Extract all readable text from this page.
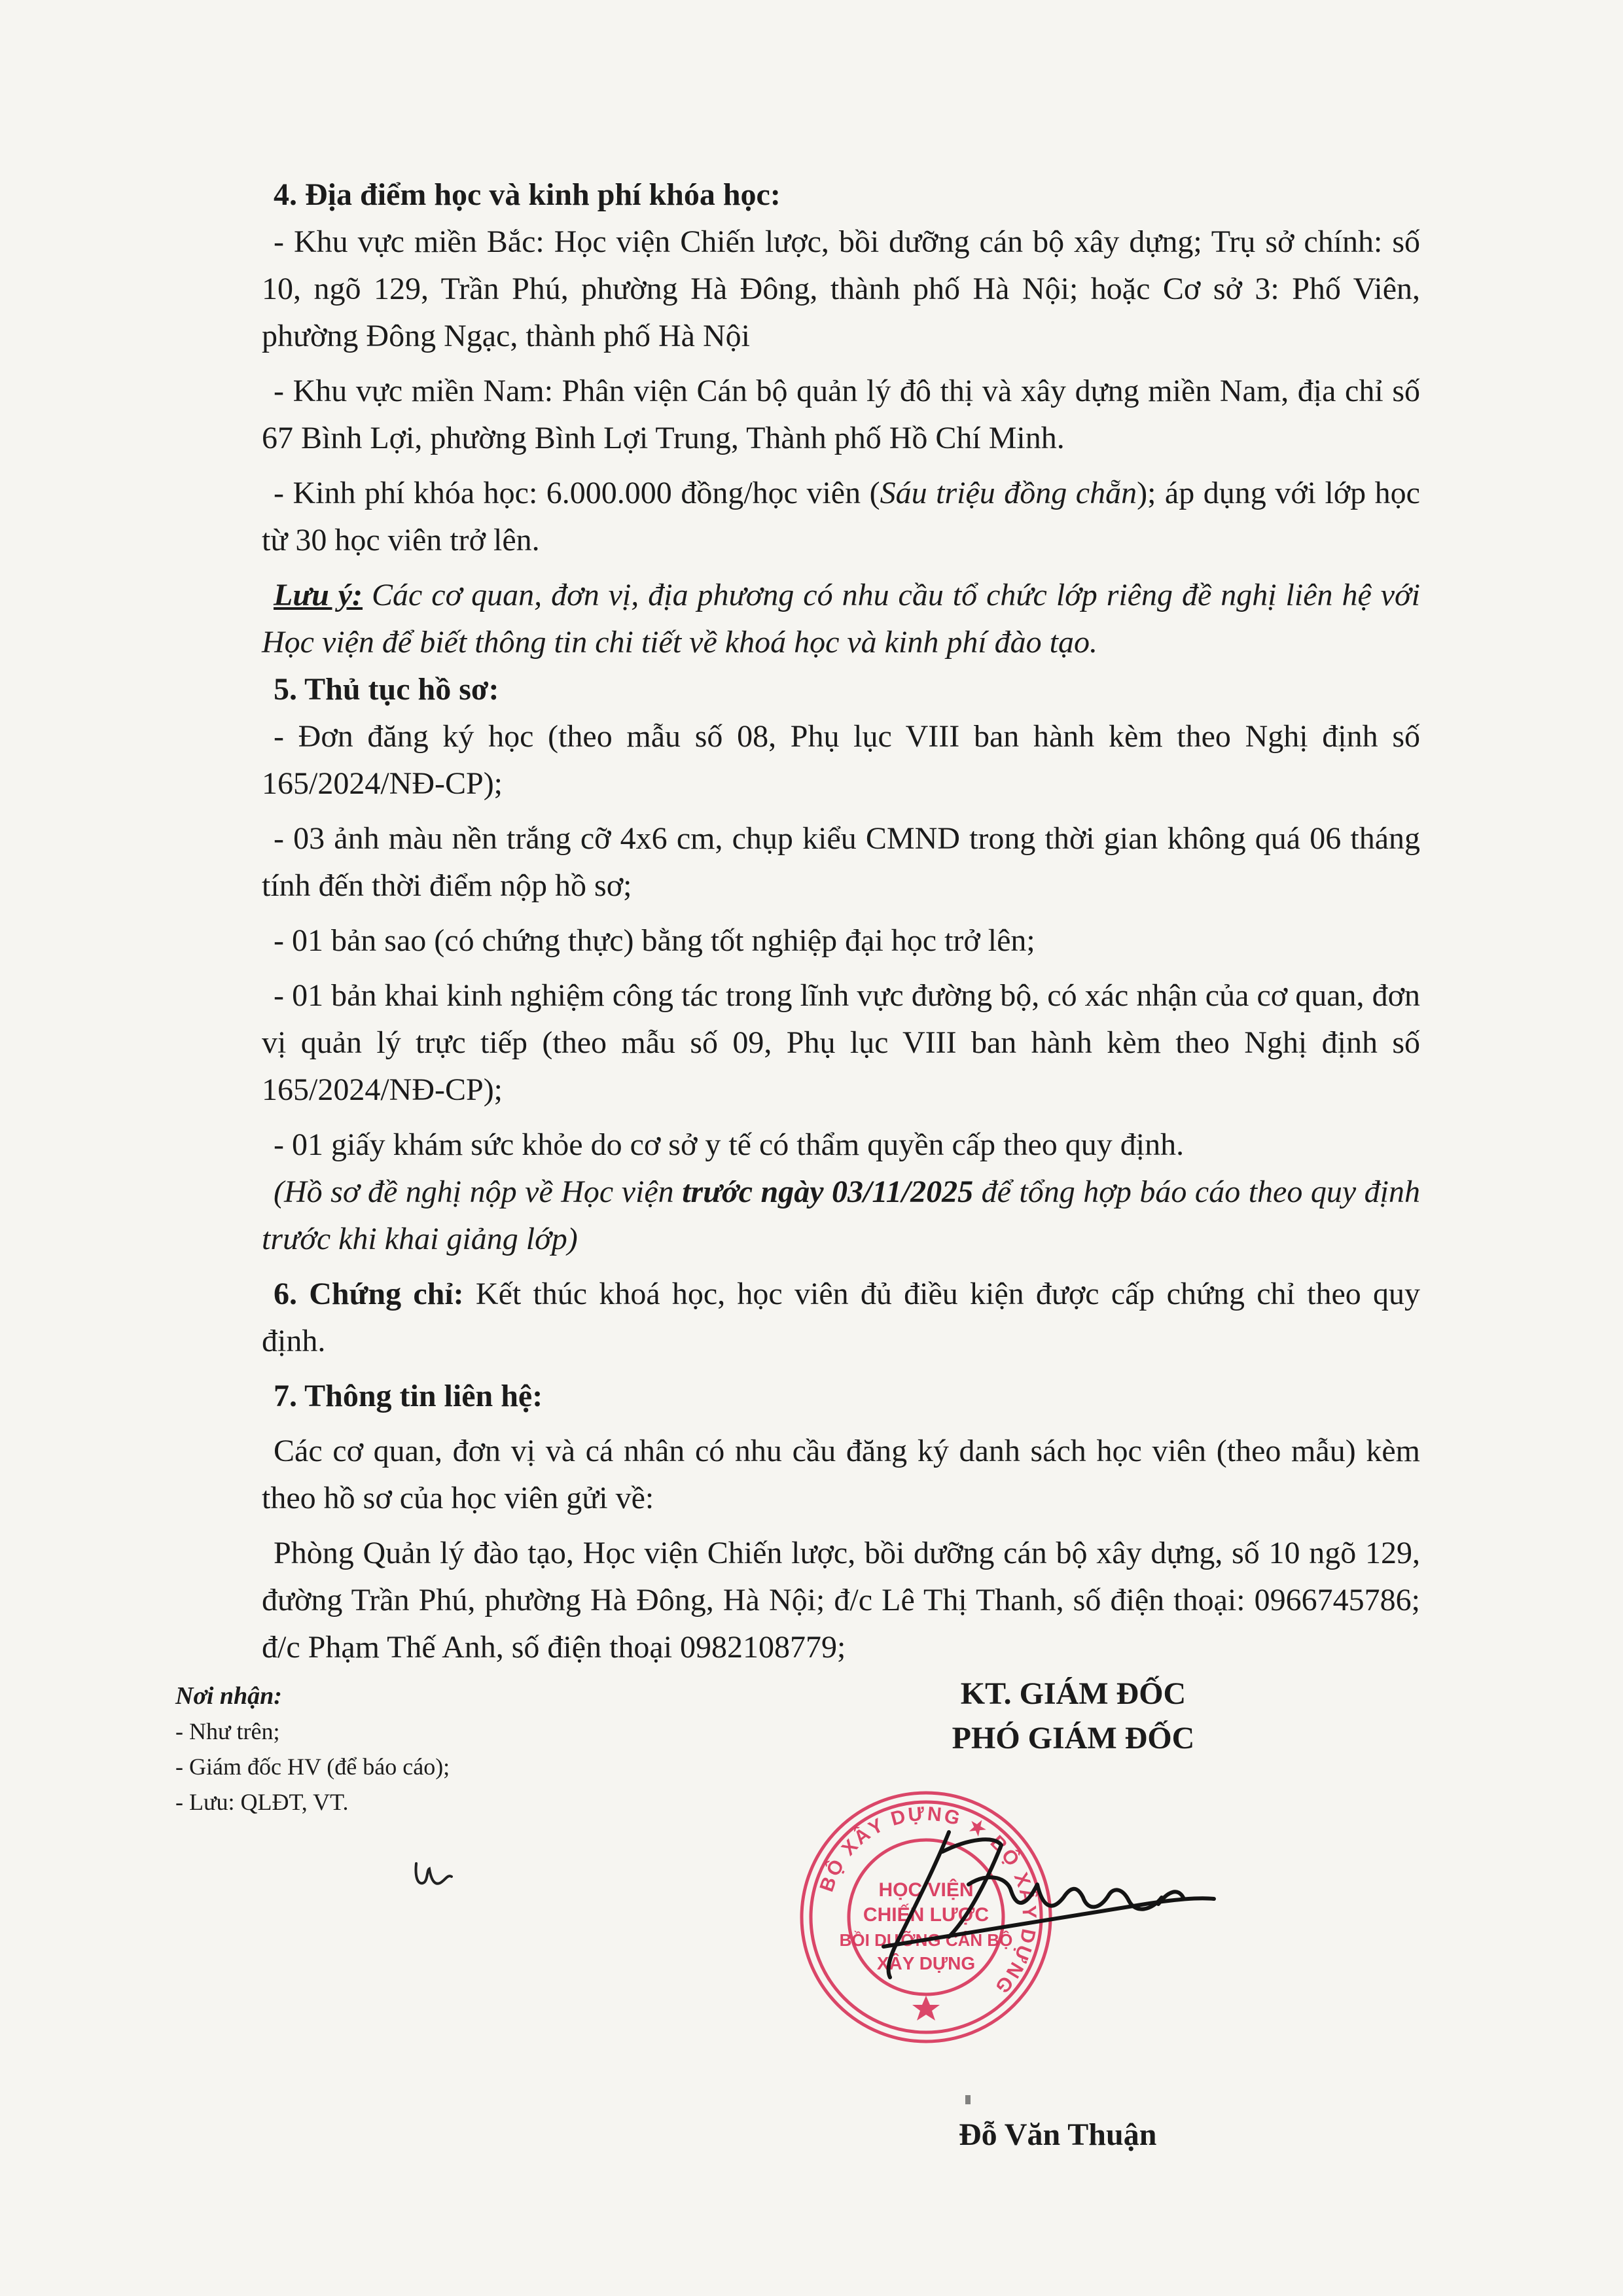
4. Địa điểm học và kinh phí khóa học:

- Khu vực miền Bắc: Học viện Chiến lược, bồi dưỡng cán bộ xây dựng; Trụ sở chính: số 10, ngõ 129, Trần Phú, phường Hà Đông, thành phố Hà Nội; hoặc Cơ sở 3: Phố Viên, phường Đông Ngạc, thành phố Hà Nội

- Khu vực miền Nam: Phân viện Cán bộ quản lý đô thị và xây dựng miền Nam, địa chỉ số 67 Bình Lợi, phường Bình Lợi Trung, Thành phố Hồ Chí Minh.

- Kinh phí khóa học: 6.000.000 đồng/học viên (Sáu triệu đồng chẵn); áp dụng với lớp học từ 30 học viên trở lên.

Lưu ý: Các cơ quan, đơn vị, địa phương có nhu cầu tổ chức lớp riêng đề nghị liên hệ với Học viện để biết thông tin chi tiết về khoá học và kinh phí đào tạo.

5. Thủ tục hồ sơ:

- Đơn đăng ký học (theo mẫu số 08, Phụ lục VIII ban hành kèm theo Nghị định số 165/2024/NĐ-CP);

- 03 ảnh màu nền trắng cỡ 4x6 cm, chụp kiểu CMND trong thời gian không quá 06 tháng tính đến thời điểm nộp hồ sơ;

- 01 bản sao (có chứng thực) bằng tốt nghiệp đại học trở lên;

- 01 bản khai kinh nghiệm công tác trong lĩnh vực đường bộ, có xác nhận của cơ quan, đơn vị quản lý trực tiếp (theo mẫu số 09, Phụ lục VIII ban hành kèm theo Nghị định số 165/2024/NĐ-CP);

- 01 giấy khám sức khỏe do cơ sở y tế có thẩm quyền cấp theo quy định.

(Hồ sơ đề nghị nộp về Học viện trước ngày 03/11/2025 để tổng hợp báo cáo theo quy định trước khi khai giảng lớp)

6. Chứng chỉ: Kết thúc khoá học, học viên đủ điều kiện được cấp chứng chỉ theo quy định.

7. Thông tin liên hệ:

Các cơ quan, đơn vị và cá nhân có nhu cầu đăng ký danh sách học viên (theo mẫu) kèm theo hồ sơ của học viên gửi về:

Phòng Quản lý đào tạo, Học viện Chiến lược, bồi dưỡng cán bộ xây dựng, số 10 ngõ 129, đường Trần Phú, phường Hà Đông, Hà Nội; đ/c Lê Thị Thanh, số điện thoại: 0966745786; đ/c Phạm Thế Anh, số điện thoại 0982108779;

Nơi nhận:
- Như trên;
- Giám đốc HV (để báo cáo);
- Lưu: QLĐT, VT.

KT. GIÁM ĐỐC

PHÓ GIÁM ĐỐC

Đỗ Văn Thuận
BỘ XÂY DỰNG ★ BỘ XÂY DỰNG
HỌC VIỆN
CHIẾN LƯỢC
BỒI DƯỠNG CÁN BỘ
XÂY DỰNG
